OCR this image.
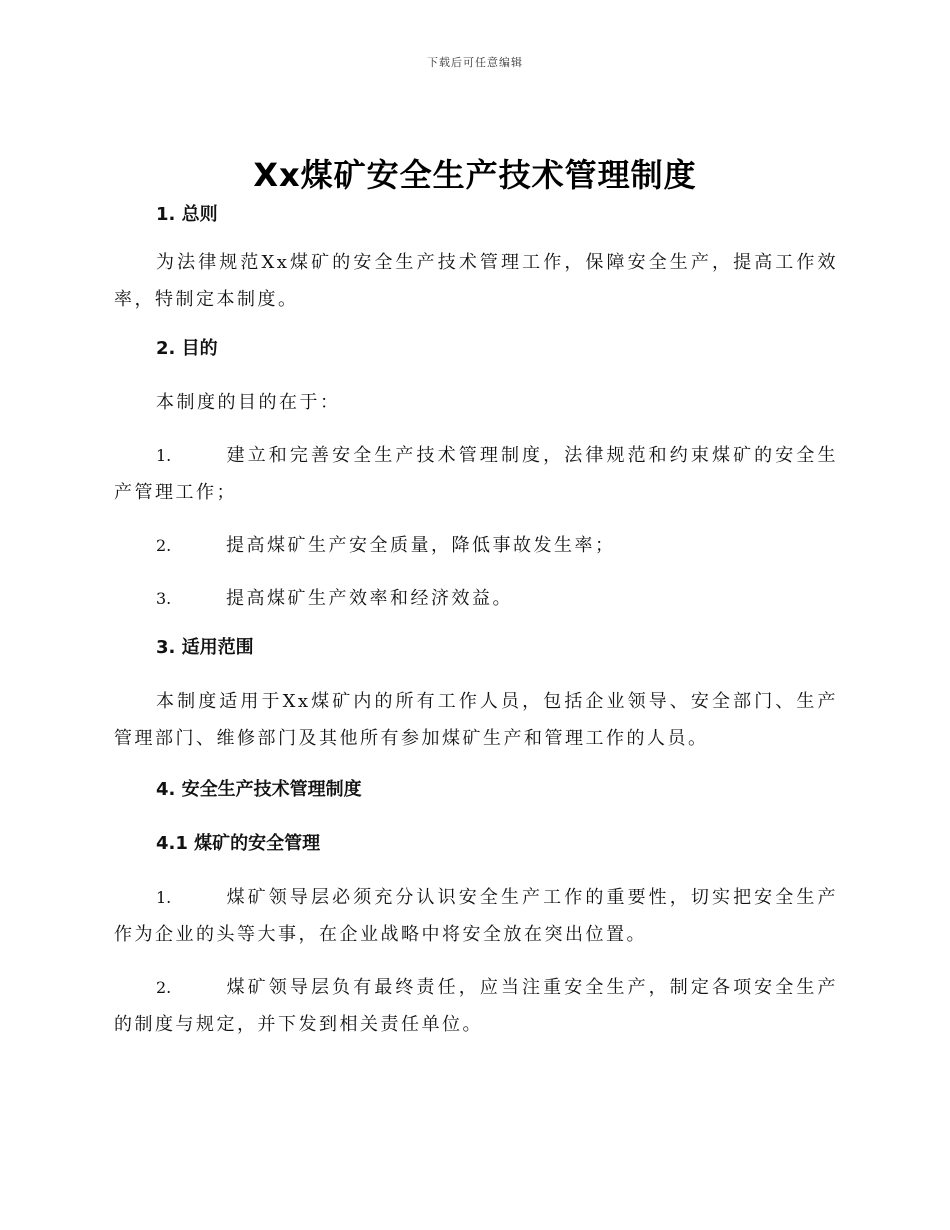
下载后可任意编辑
Xx煤矿安全生产技术管理制度

1. 总则

为法律规范Xx煤矿的安全生产技术管理工作，保障安全生产，提高工作效率，特制定本制度。

2. 目的

本制度的目的在于：

1.	建立和完善安全生产技术管理制度，法律规范和约束煤矿的安全生产管理工作；

2.	提高煤矿生产安全质量，降低事故发生率；

3.	提高煤矿生产效率和经济效益。

3. 适用范围

本制度适用于Xx煤矿内的所有工作人员，包括企业领导、安全部门、生产管理部门、维修部门及其他所有参加煤矿生产和管理工作的人员。

4. 安全生产技术管理制度

4.1 煤矿的安全管理

1.	煤矿领导层必须充分认识安全生产工作的重要性，切实把安全生产作为企业的头等大事，在企业战略中将安全放在突出位置。

2.	煤矿领导层负有最终责任，应当注重安全生产，制定各项安全生产的制度与规定，并下发到相关责任单位。
